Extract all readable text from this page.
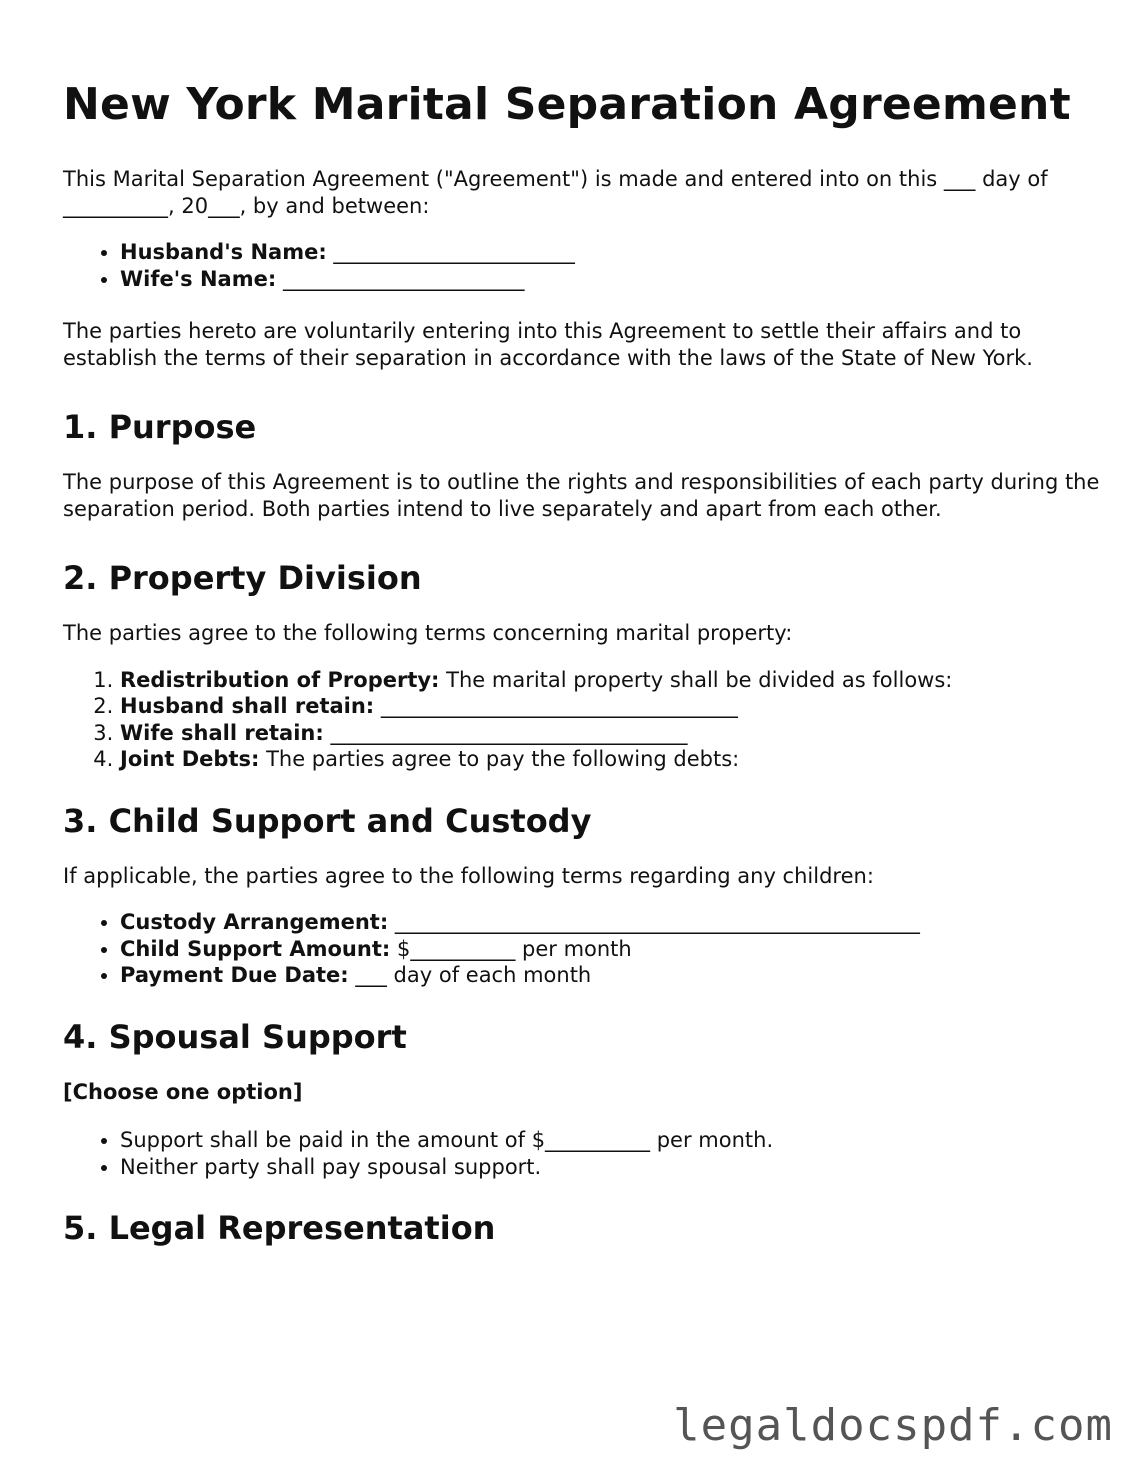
New York Marital Separation Agreement

This Marital Separation Agreement ("Agreement") is made and entered into on this ___ day of __________, 20___, by and between:

• Husband's Name: _______________________
• Wife's Name: _______________________

The parties hereto are voluntarily entering into this Agreement to settle their affairs and to establish the terms of their separation in accordance with the laws of the State of New York.

1. Purpose

The purpose of this Agreement is to outline the rights and responsibilities of each party during the separation period. Both parties intend to live separately and apart from each other.

2. Property Division

The parties agree to the following terms concerning marital property:

1. Redistribution of Property: The marital property shall be divided as follows:
2. Husband shall retain: __________________________________
3. Wife shall retain: __________________________________
4. Joint Debts: The parties agree to pay the following debts:
3. Child Support and Custody

If applicable, the parties agree to the following terms regarding any children:

• Custody Arrangement: __________________________________________________
• Child Support Amount: $__________ per month
• Payment Due Date: ___ day of each month
4. Spousal Support

[Choose one option]

• Support shall be paid in the amount of $__________ per month.
• Neither party shall pay spousal support.
5. Legal Representation
legaldocspdf.com
